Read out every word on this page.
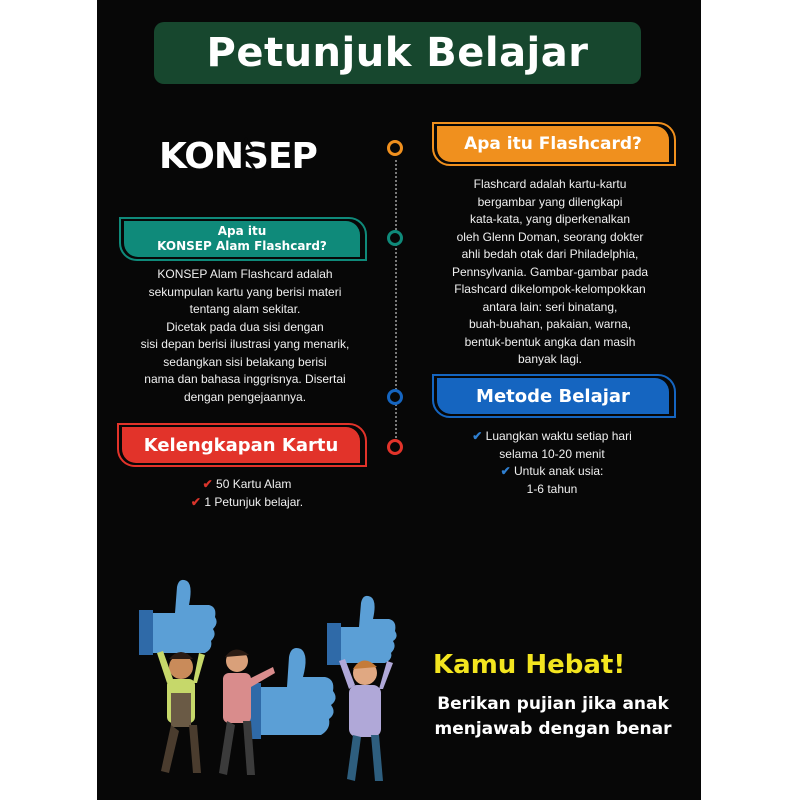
Petunjuk Belajar
KONSEP	Apa itu Flashcard?
Flashcard adalah kartu-kartu
bergambar yang dilengkapi
kata-kata, yang diperkenalkan
oleh Glenn Doman, seorang dokter
ahli bedah otak dari Philadelphia,
Pennsylvania. Gambar-gambar pada
Flashcard dikelompok-kelompokkan
antara lain: seri binatang,
buah-buahan, pakaian, warna,
bentuk-bentuk angka dan masih
banyak lagi.
Metode Belajar
✔ Luangkan waktu setiap hari
selama 10-20 menit
✔ Untuk anak usia:
1-6 tahun
Apa itu
KONSEP Alam Flashcard?
KONSEP Alam Flashcard adalah
sekumpulan kartu yang berisi materi
tentang alam sekitar.
Dicetak pada dua sisi dengan
sisi depan berisi ilustrasi yang menarik,
sedangkan sisi belakang berisi
nama dan bahasa inggrisnya. Disertai
dengan pengejaannya.
Kelengkapan Kartu
✔ 50 Kartu Alam
✔ 1 Petunjuk belajar.
Kamu Hebat!
Berikan pujian jika anak
menjawab dengan benar
